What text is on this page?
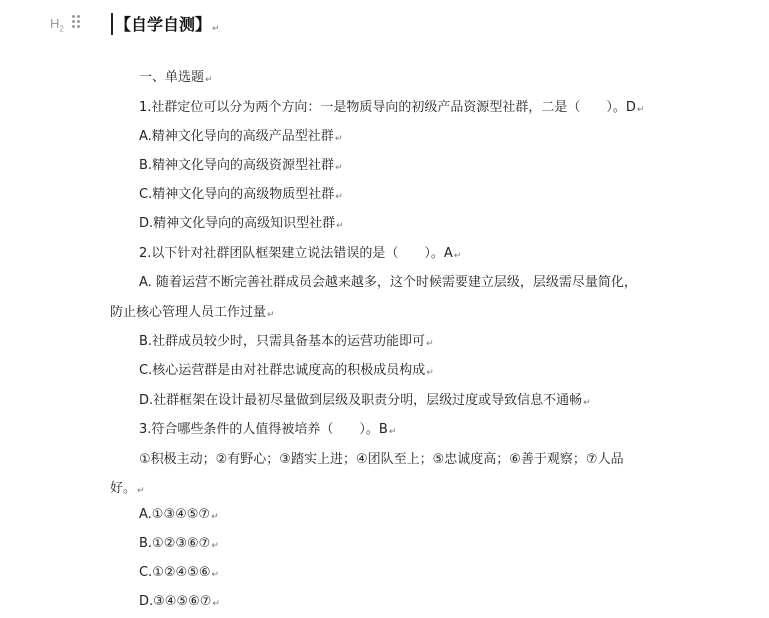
$H_2$	【自学自测】↵
一、单选题↵
1.社群定位可以分为两个方向：一是物质导向的初级产品资源型社群，二是（　　）。D↵
A.精神文化导向的高级产品型社群↵
B.精神文化导向的高级资源型社群↵
C.精神文化导向的高级物质型社群↵
D.精神文化导向的高级知识型社群↵
2.以下针对社群团队框架建立说法错误的是（　　）。A↵
A. 随着运营不断完善社群成员会越来越多，这个时候需要建立层级，层级需尽量简化，
防止核心管理人员工作过量↵
B.社群成员较少时，只需具备基本的运营功能即可↵
C.核心运营群是由对社群忠诚度高的积极成员构成↵
D.社群框架在设计最初尽量做到层级及职责分明，层级过度或导致信息不通畅↵
3.符合哪些条件的人值得被培养（　　）。B↵
①积极主动；②有野心；③踏实上进；④团队至上；⑤忠诚度高；⑥善于观察；⑦人品
好。↵
A.①③④⑤⑦↵
B.①②③⑥⑦↵
C.①②④⑤⑥↵
D.③④⑤⑥⑦↵
